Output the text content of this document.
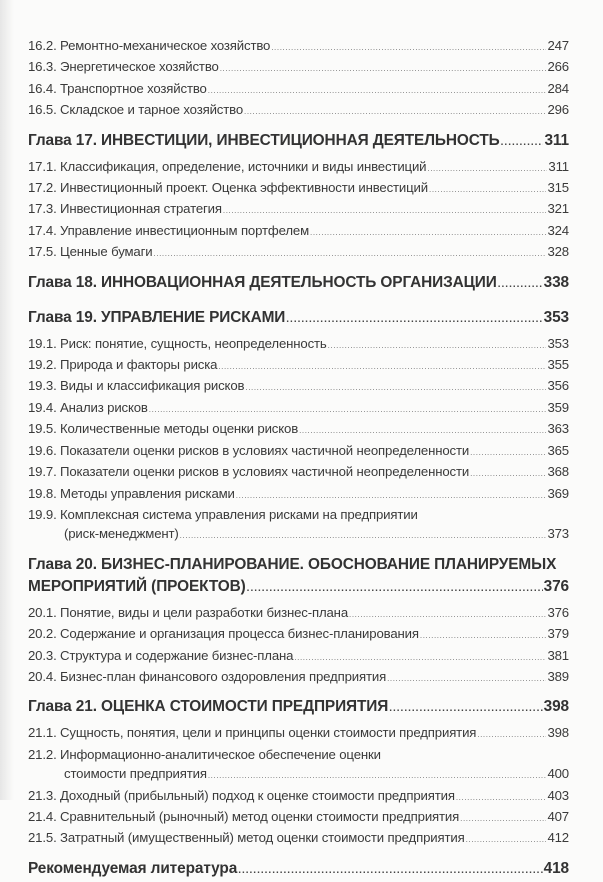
16.2. Ремонтно-механическое хозяйство .....	247
16.3. Энергетическое хозяйство .....	266
16.4. Транспортное хозяйство .....	284
16.5. Складское и тарное хозяйство .....	296
Глава 17. ИНВЕСТИЦИИ, ИНВЕСТИЦИОННАЯ ДЕЯТЕЛЬНОСТЬ .....	311
17.1. Классификация, определение, источники и виды инвестиций .....	311
17.2. Инвестиционный проект. Оценка эффективности инвестиций .....	315
17.3. Инвестиционная стратегия .....	321
17.4. Управление инвестиционным портфелем .....	324
17.5. Ценные бумаги .....	328
Глава 18. ИННОВАЦИОННАЯ ДЕЯТЕЛЬНОСТЬ ОРГАНИЗАЦИИ .....	338
Глава 19. УПРАВЛЕНИЕ РИСКАМИ .....	353
19.1. Риск: понятие, сущность, неопределенность .....	353
19.2. Природа и факторы риска .....	355
19.3. Виды и классификация рисков .....	356
19.4. Анализ рисков .....	359
19.5. Количественные методы оценки рисков .....	363
19.6. Показатели оценки рисков в условиях частичной неопределенности .....	365
19.7. Показатели оценки рисков в условиях частичной неопределенности .....	368
19.8. Методы управления рисками .....	369
19.9. Комплексная система управления рисками на предприятии
(риск-менеджмент) .....	373
Глава 20. БИЗНЕС-ПЛАНИРОВАНИЕ. ОБОСНОВАНИЕ ПЛАНИРУЕМЫХ
МЕРОПРИЯТИЙ (ПРОЕКТОВ) .....	376
20.1. Понятие, виды и цели разработки бизнес-плана .....	376
20.2. Содержание и организация процесса бизнес-планирования .....	379
20.3. Структура и содержание бизнес-плана .....	381
20.4. Бизнес-план финансового оздоровления предприятия .....	389
Глава 21. ОЦЕНКА СТОИМОСТИ ПРЕДПРИЯТИЯ .....	398
21.1. Сущность, понятия, цели и принципы оценки стоимости предприятия .....	398
21.2. Информационно-аналитическое обеспечение оценки
стоимости предприятия .....	400
21.3. Доходный (прибыльный) подход к оценке стоимости предприятия .....	403
21.4. Сравнительный (рыночный) метод оценки стоимости предприятия .....	407
21.5. Затратный (имущественный) метод оценки стоимости предприятия .....	412
Рекомендуемая литература .....	418
